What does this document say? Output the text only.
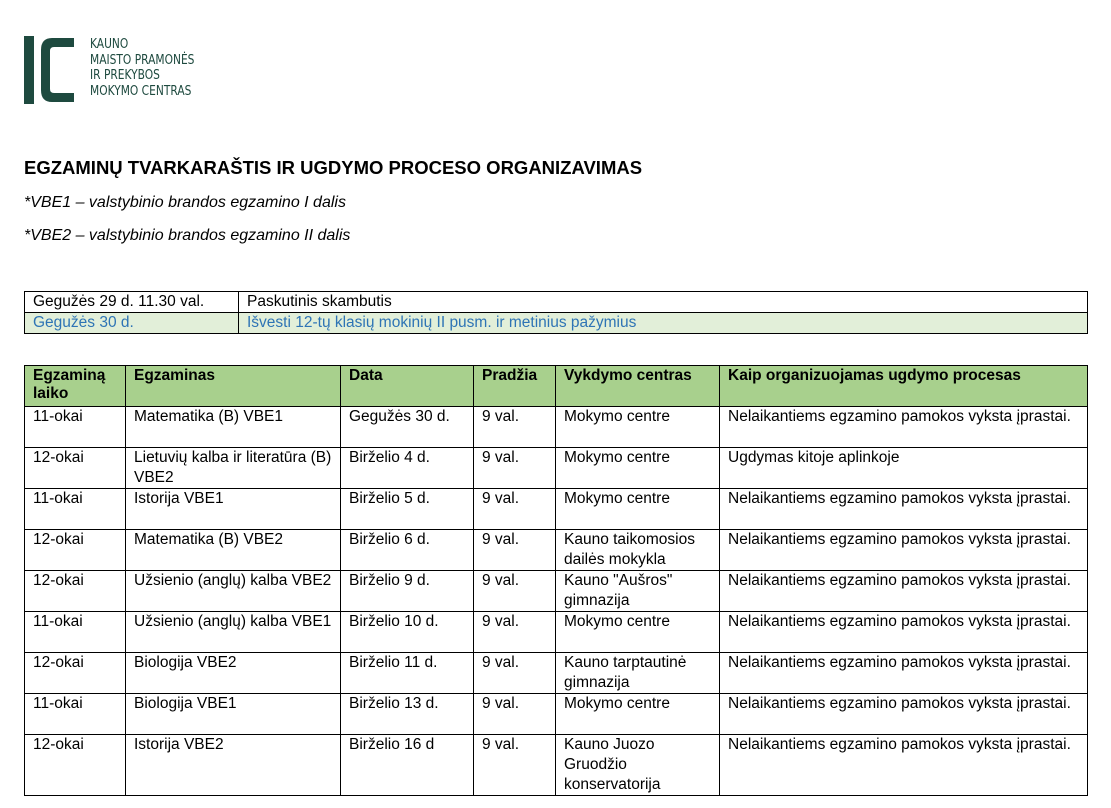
KAUNO
MAISTO PRAMONĖS
IR PREKYBOS
MOKYMO CENTRAS
EGZAMINŲ TVARKARAŠTIS IR UGDYMO PROCESO ORGANIZAVIMAS
*VBE1 – valstybinio brandos egzamino I dalis
*VBE2 – valstybinio brandos egzamino II dalis
Gegužės 29 d. 11.30 val.	Paskutinis skambutis
Gegužės 30 d.	Išvesti 12-tų klasių mokinių II pusm. ir metinius pažymius
Egzaminą laiko	Egzaminas	Data	Pradžia	Vykdymo centras	Kaip organizuojamas ugdymo procesas
11-okai	Matematika (B) VBE1	Gegužės 30 d.	9 val.	Mokymo centre	Nelaikantiems egzamino pamokos vyksta įprastai.
12-okai	Lietuvių kalba ir literatūra (B) VBE2	Birželio 4 d.	9 val.	Mokymo centre	Ugdymas kitoje aplinkoje
11-okai	Istorija VBE1	Birželio 5 d.	9 val.	Mokymo centre	Nelaikantiems egzamino pamokos vyksta įprastai.
12-okai	Matematika (B) VBE2	Birželio 6 d.	9 val.	Kauno taikomosios dailės mokykla	Nelaikantiems egzamino pamokos vyksta įprastai.
12-okai	Užsienio (anglų) kalba VBE2	Birželio 9 d.	9 val.	Kauno "Aušros" gimnazija	Nelaikantiems egzamino pamokos vyksta įprastai.
11-okai	Užsienio (anglų) kalba VBE1	Birželio 10 d.	9 val.	Mokymo centre	Nelaikantiems egzamino pamokos vyksta įprastai.
12-okai	Biologija VBE2	Birželio 11 d.	9 val.	Kauno tarptautinė gimnazija	Nelaikantiems egzamino pamokos vyksta įprastai.
11-okai	Biologija VBE1	Birželio 13 d.	9 val.	Mokymo centre	Nelaikantiems egzamino pamokos vyksta įprastai.
12-okai	Istorija VBE2	Birželio 16 d	9 val.	Kauno Juozo Gruodžio konservatorija	Nelaikantiems egzamino pamokos vyksta įprastai.
